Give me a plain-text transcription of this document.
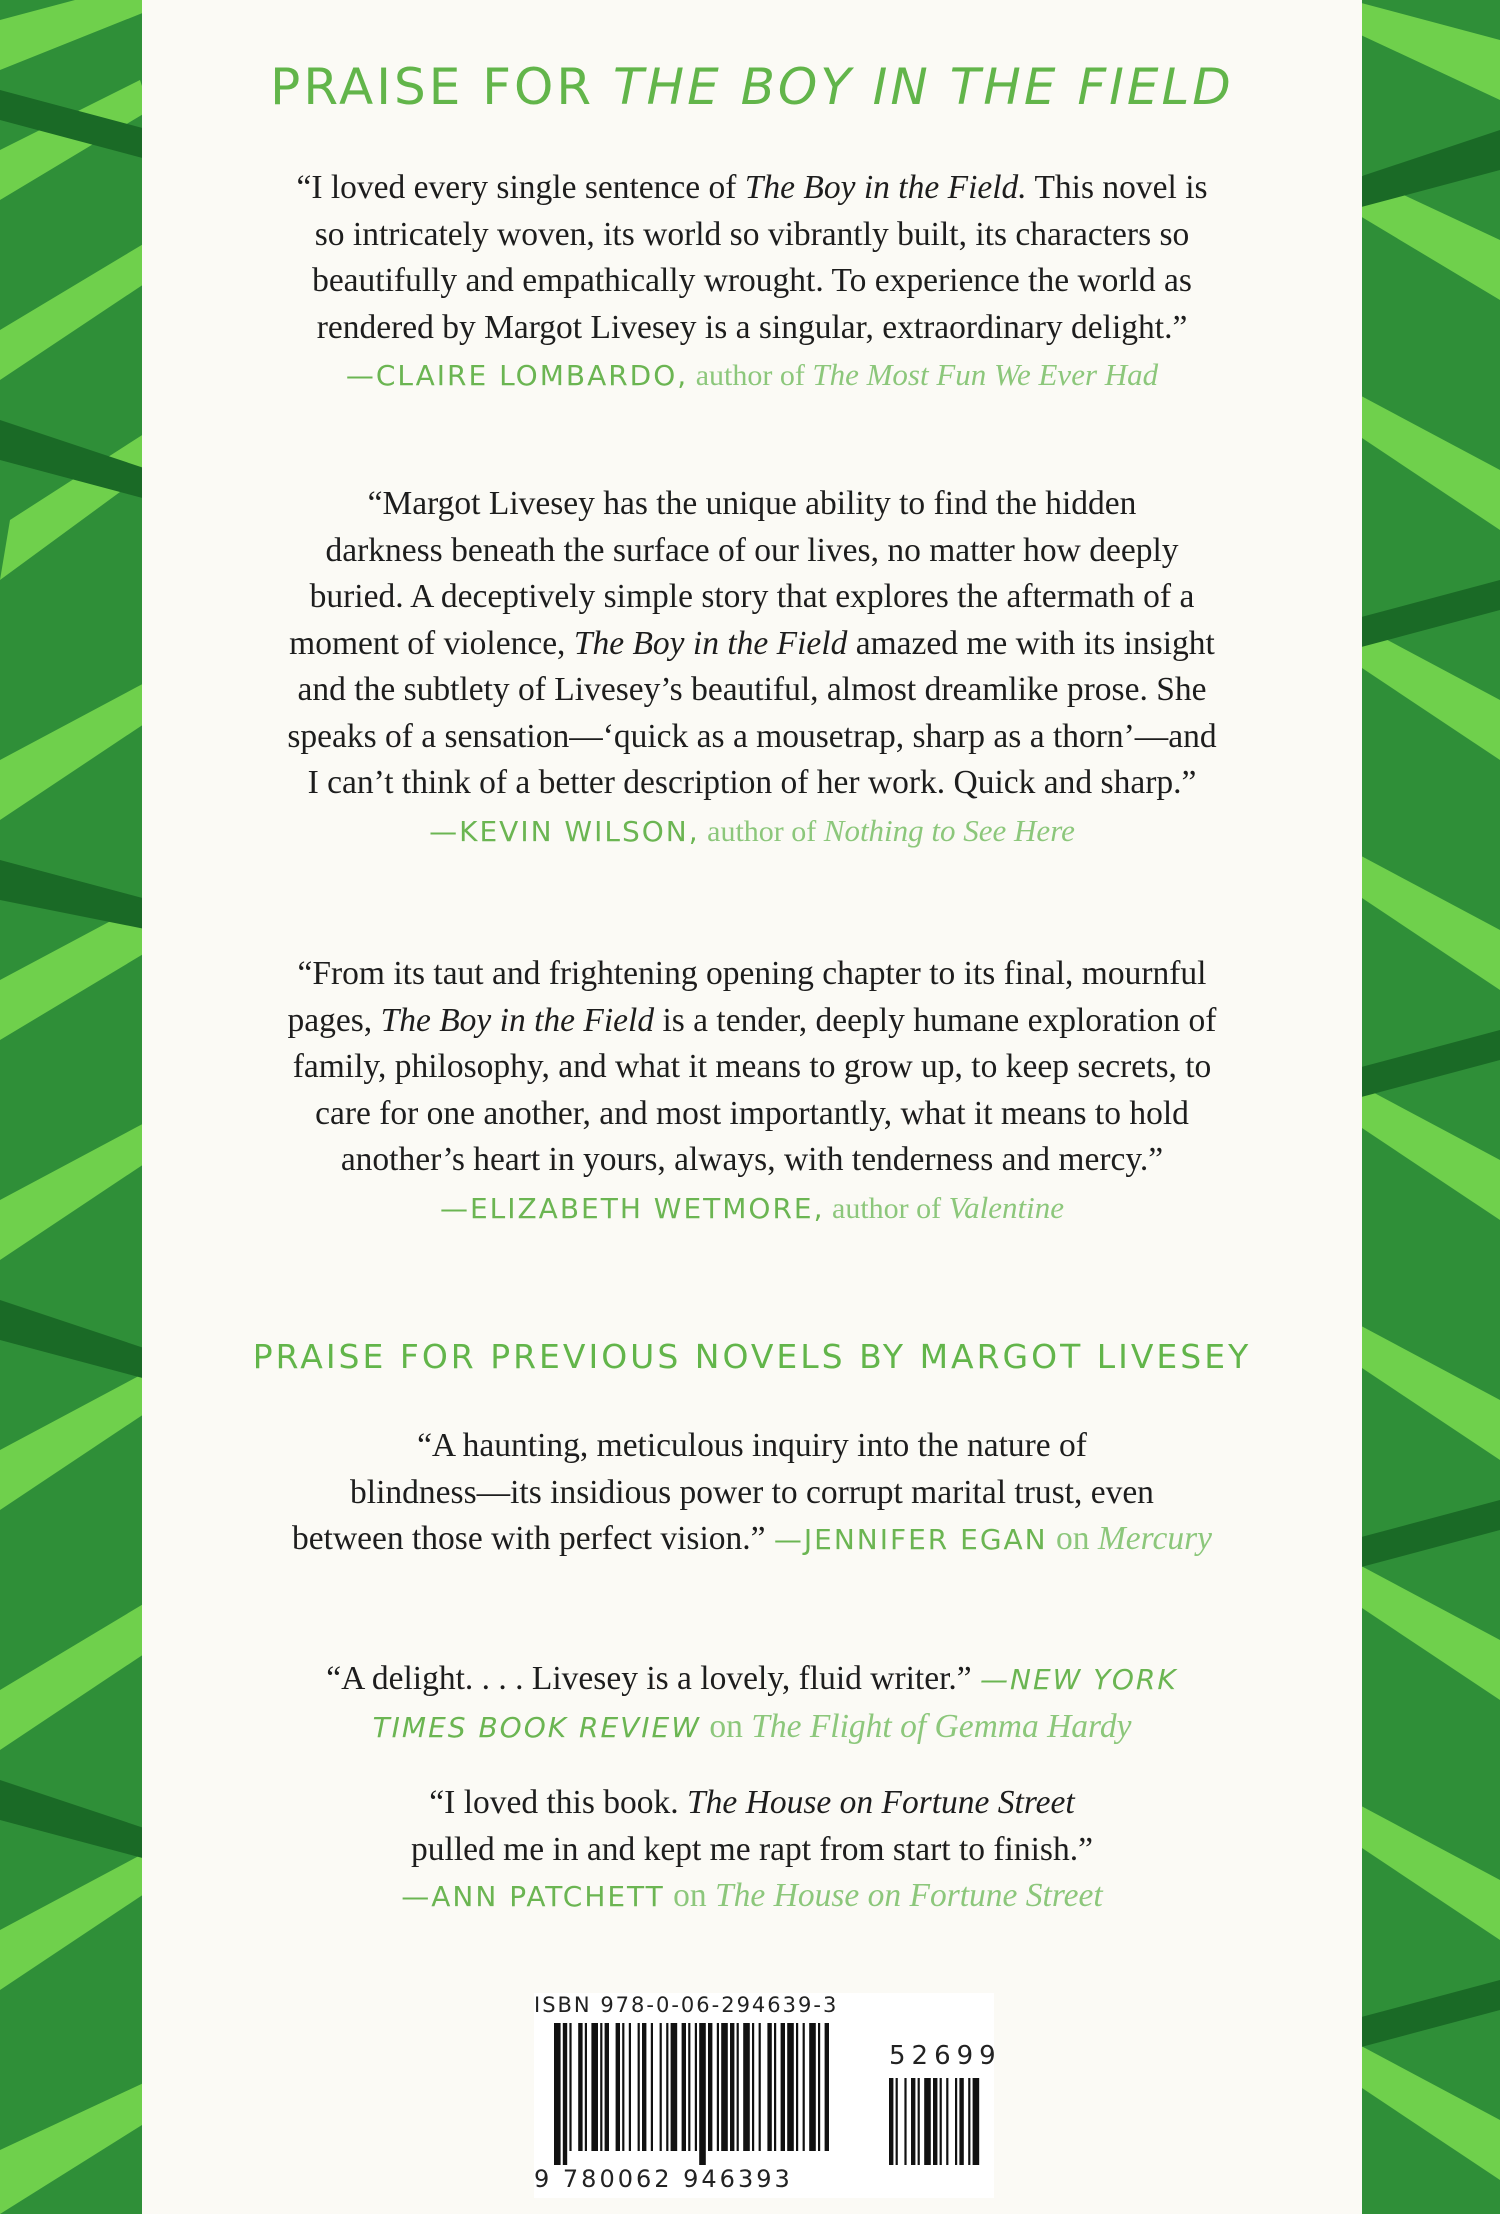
PRAISE FOR THE BOY IN THE FIELD

“I loved every single sentence of The Boy in the Field. This novel is

so intricately woven, its world so vibrantly built, its characters so

beautifully and empathically wrought. To experience the world as

rendered by Margot Livesey is a singular, extraordinary delight.”

—CLAIRE LOMBARDO, author of The Most Fun We Ever Had

“Margot Livesey has the unique ability to find the hidden

darkness beneath the surface of our lives, no matter how deeply

buried. A deceptively simple story that explores the aftermath of a

moment of violence, The Boy in the Field amazed me with its insight

and the subtlety of Livesey’s beautiful, almost dreamlike prose. She

speaks of a sensation—‘quick as a mousetrap, sharp as a thorn’—and

I can’t think of a better description of her work. Quick and sharp.”

—KEVIN WILSON, author of Nothing to See Here

“From its taut and frightening opening chapter to its final, mournful

pages, The Boy in the Field is a tender, deeply humane exploration of

family, philosophy, and what it means to grow up, to keep secrets, to

care for one another, and most importantly, what it means to hold

another’s heart in yours, always, with tenderness and mercy.”

—ELIZABETH WETMORE, author of Valentine
PRAISE FOR PREVIOUS NOVELS BY MARGOT LIVESEY

“A haunting, meticulous inquiry into the nature of

blindness—its insidious power to corrupt marital trust, even

between those with perfect vision.” —JENNIFER EGAN on Mercury

“A delight. . . . Livesey is a lovely, fluid writer.” —NEW YORK

TIMES BOOK REVIEW on The Flight of Gemma Hardy

“I loved this book. The House on Fortune Street

pulled me in and kept me rapt from start to finish.”

—ANN PATCHETT on The House on Fortune Street

ISBN 978-0-06-294639-3
52699
9 780062 946393
